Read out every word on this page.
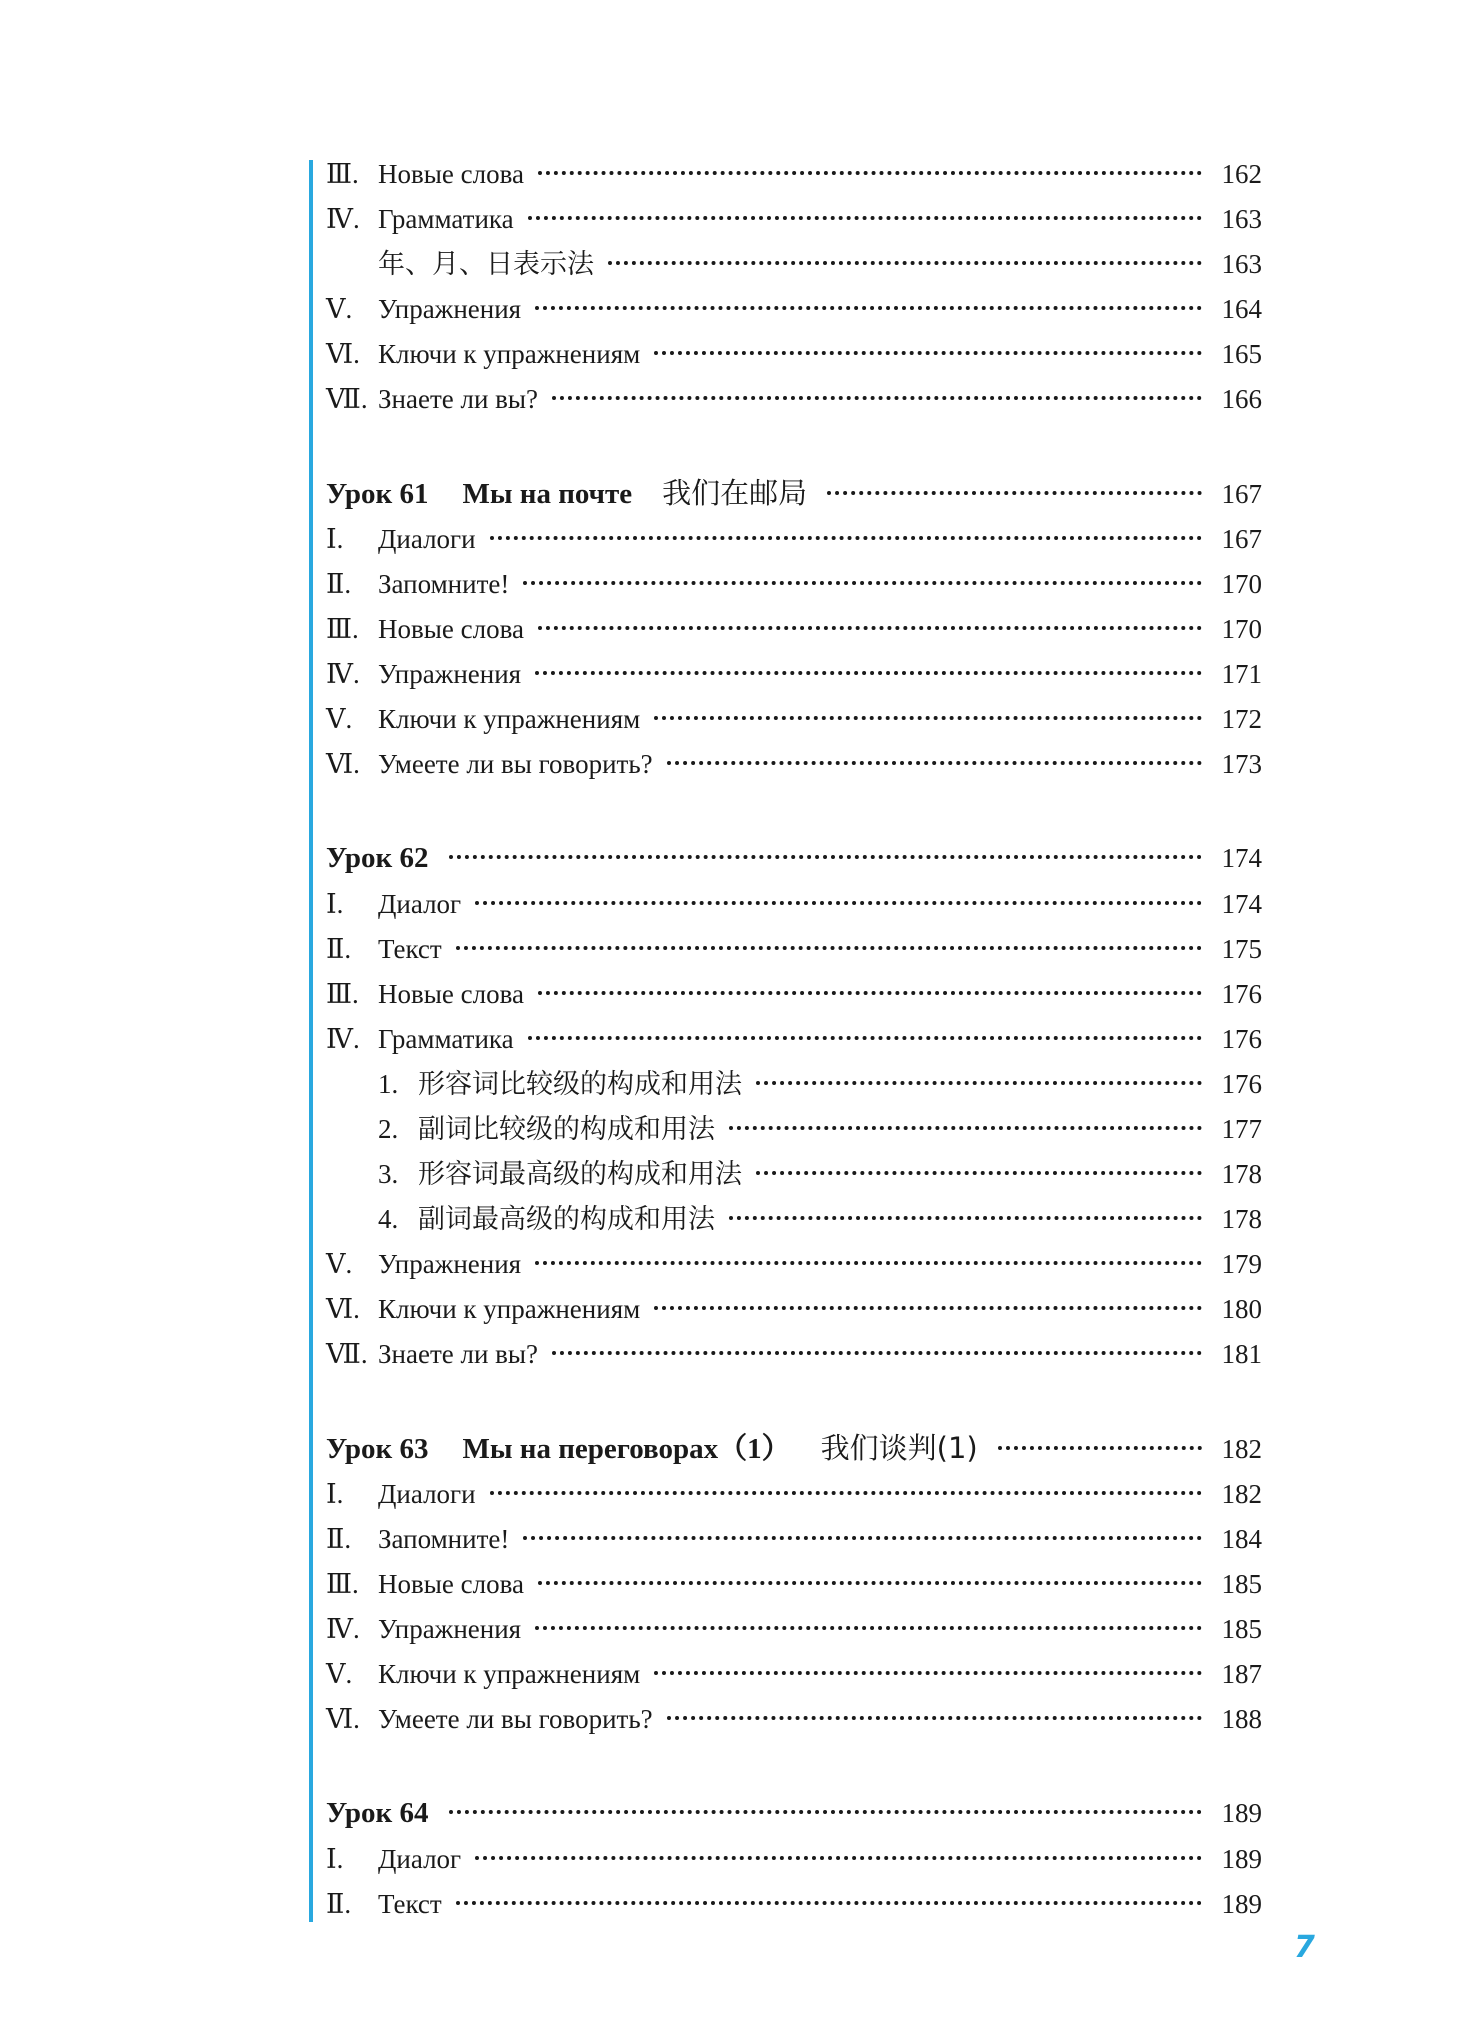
Ⅲ. Новые слова	162
Ⅳ. Грамматика	163
年、月、日表示法	163
Ⅴ. Упражнения	164
Ⅵ. Ключи к упражнениям	165
Ⅶ. Знаете ли вы?	166
Урок 61 Мы на почте 我们在邮局	167
Ⅰ.	Диалоги	167
Ⅱ. Запомните!	170
Ⅲ. Новые слова	170
Ⅳ. Упражнения	171
Ⅴ. Ключи к упражнениям	172
Ⅵ. Умеете ли вы говорить?	173
Урок 62	174
Ⅰ.	Диалог	174
Ⅱ. Текст	175
Ⅲ. Новые слова	176
Ⅳ. Грамматика	176
1. 形容词比较级的构成和用法	176
2. 副词比较级的构成和用法	177
3. 形容词最高级的构成和用法	178
4. 副词最高级的构成和用法	178
Ⅴ. Упражнения	179
Ⅵ. Ключи к упражнениям	180
Ⅶ. Знаете ли вы?	181
Урок 63 Мы на переговорах（1） 我们谈判(1)	182
Ⅰ.	Диалоги	182
Ⅱ. Запомните!	184
Ⅲ. Новые слова	185
Ⅳ. Упражнения	185
Ⅴ. Ключи к упражнениям	187
Ⅵ. Умеете ли вы говорить?	188
Урок 64	189
Ⅰ.	Диалог	189
Ⅱ. Текст	189
7
